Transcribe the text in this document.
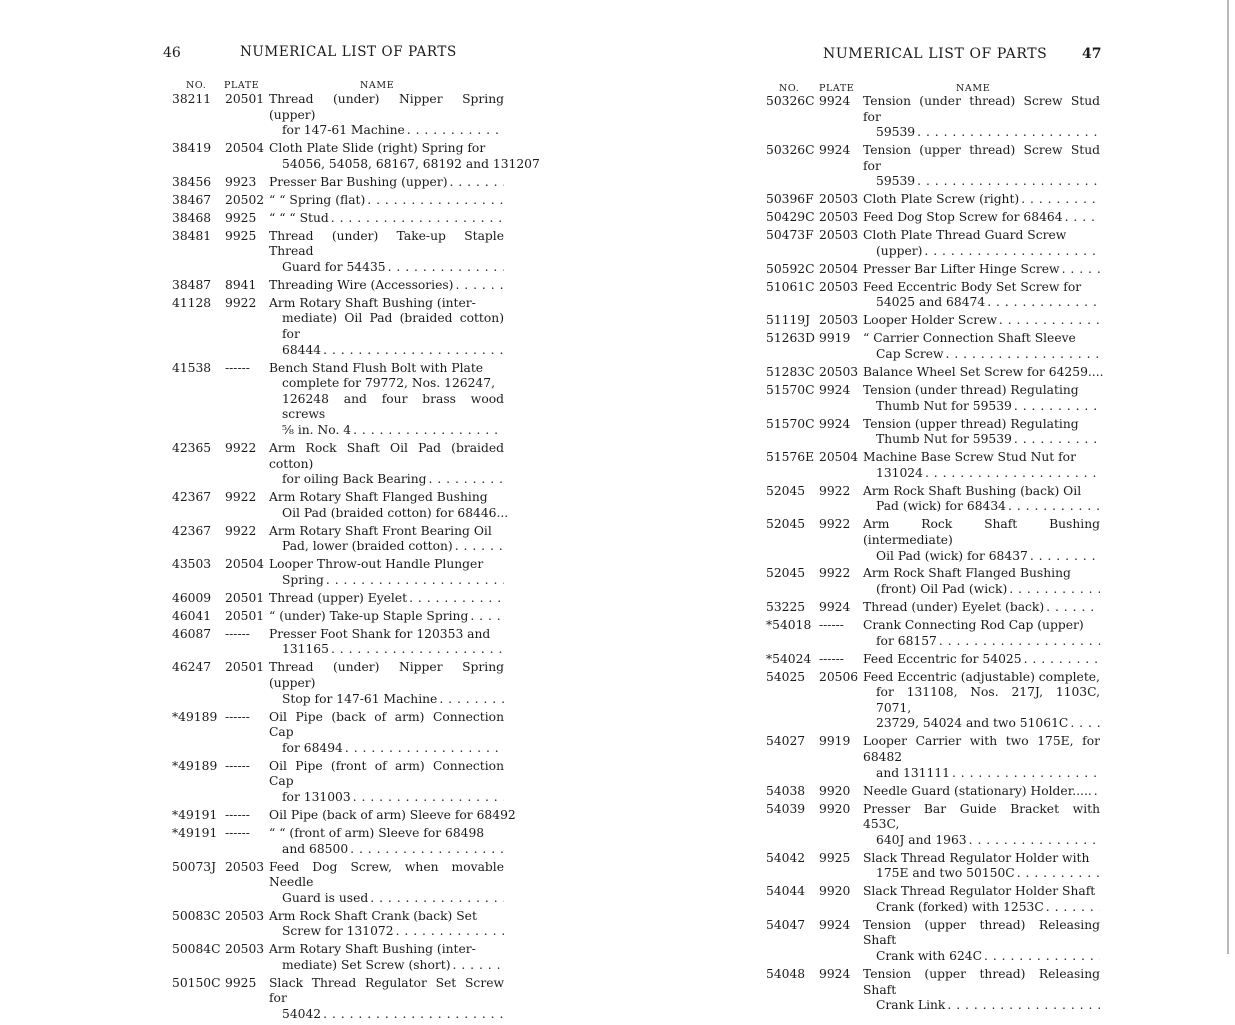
46	NUMERICAL LIST OF PARTS
NO. PLATE	NAME
38211 20501 Thread (under) Nipper Spring (upper)
for 147-61 Machine
. . .
38419 20504 Cloth Plate Slide (right) Spring for
54056, 54058, 68167, 68192 and 131207
38456 9923 Presser Bar Bushing (upper)
. . .
38467 20502 “ “ Spring (flat)
. . .
38468 9925 “ “ “ Stud
. . .
38481 9925 Thread (under) Take-up Staple Thread
Guard for 54435
. . .
38487 8941 Threading Wire (Accessories)
. . .
41128 9922 Arm Rotary Shaft Bushing (inter-
mediate) Oil Pad (braided cotton) for
68444
. . .
41538 ------ Bench Stand Flush Bolt with Plate
complete for 79772, Nos. 126247,
126248 and four brass wood screws
⅝ in. No. 4
. . .
42365 9922 Arm Rock Shaft Oil Pad (braided cotton)
for oiling Back Bearing
. . .
42367 9922 Arm Rotary Shaft Flanged Bushing
Oil Pad (braided cotton) for 68446...
42367 9922 Arm Rotary Shaft Front Bearing Oil
Pad, lower (braided cotton)
. . .
43503 20504 Looper Throw-out Handle Plunger
Spring
. . .
46009 20501 Thread (upper) Eyelet
. . .
46041 20501 “ (under) Take-up Staple Spring
. . .
46087 ------ Presser Foot Shank for 120353 and
131165
. . .
46247 20501 Thread (under) Nipper Spring (upper)
Stop for 147-61 Machine
. . .
*49189 ------ Oil Pipe (back of arm) Connection Cap
for 68494
. . .
*49189 ------ Oil Pipe (front of arm) Connection Cap
for 131003
. . .
*49191 ------ Oil Pipe (back of arm) Sleeve for 68492
*49191 ------ “ “ (front of arm) Sleeve for 68498
and 68500
. . .
50073J 20503 Feed Dog Screw, when movable Needle
Guard is used
. . .
50083C 20503 Arm Rock Shaft Crank (back) Set
Screw for 131072
. . .
50084C 20503 Arm Rotary Shaft Bushing (inter-
mediate) Set Screw (short)
. . .
50150C 9925 Slack Thread Regulator Set Screw for
54042
. . .
NUMERICAL LIST OF PARTS 47
NO. PLATE	NAME
50326C 9924 Tension (under thread) Screw Stud for
59539
. . .
50326C 9924 Tension (upper thread) Screw Stud for
59539
. . .
50396F 20503 Cloth Plate Screw (right)
. . .
50429C 20503 Feed Dog Stop Screw for 68464
. . .
50473F 20503 Cloth Plate Thread Guard Screw
(upper)
. . .
50592C 20504 Presser Bar Lifter Hinge Screw
. . .
51061C 20503 Feed Eccentric Body Set Screw for
54025 and 68474
. . .
51119J 20503 Looper Holder Screw
. . .
51263D 9919 “ Carrier Connection Shaft Sleeve
Cap Screw
. . .
51283C 20503 Balance Wheel Set Screw for 64259....
51570C 9924 Tension (under thread) Regulating
Thumb Nut for 59539
. . .
51570C 9924 Tension (upper thread) Regulating
Thumb Nut for 59539
. . .
51576E 20504 Machine Base Screw Stud Nut for
131024
. . .
52045 9922 Arm Rock Shaft Bushing (back) Oil
Pad (wick) for 68434
. . .
52045 9922 Arm Rock Shaft Bushing (intermediate)
Oil Pad (wick) for 68437
. . .
52045 9922 Arm Rock Shaft Flanged Bushing
(front) Oil Pad (wick)
. . .
53225 9924 Thread (under) Eyelet (back)
. . .
*54018 ------ Crank Connecting Rod Cap (upper)
for 68157
. . .
*54024 ------ Feed Eccentric for 54025
. . .
54025 20506 Feed Eccentric (adjustable) complete,
for 131108, Nos. 217J, 1103C, 7071,
23729, 54024 and two 51061C
. . .
54027 9919 Looper Carrier with two 175E, for 68482
and 131111
. . .
54038 9920 Needle Guard (stationary) Holder.....
. . .
54039 9920 Presser Bar Guide Bracket with 453C,
640J and 1963
. . .
54042 9925 Slack Thread Regulator Holder with
175E and two 50150C
. . .
54044 9920 Slack Thread Regulator Holder Shaft
Crank (forked) with 1253C
. . .
54047 9924 Tension (upper thread) Releasing Shaft
Crank with 624C
. . .
54048 9924 Tension (upper thread) Releasing Shaft
Crank Link
. . .
